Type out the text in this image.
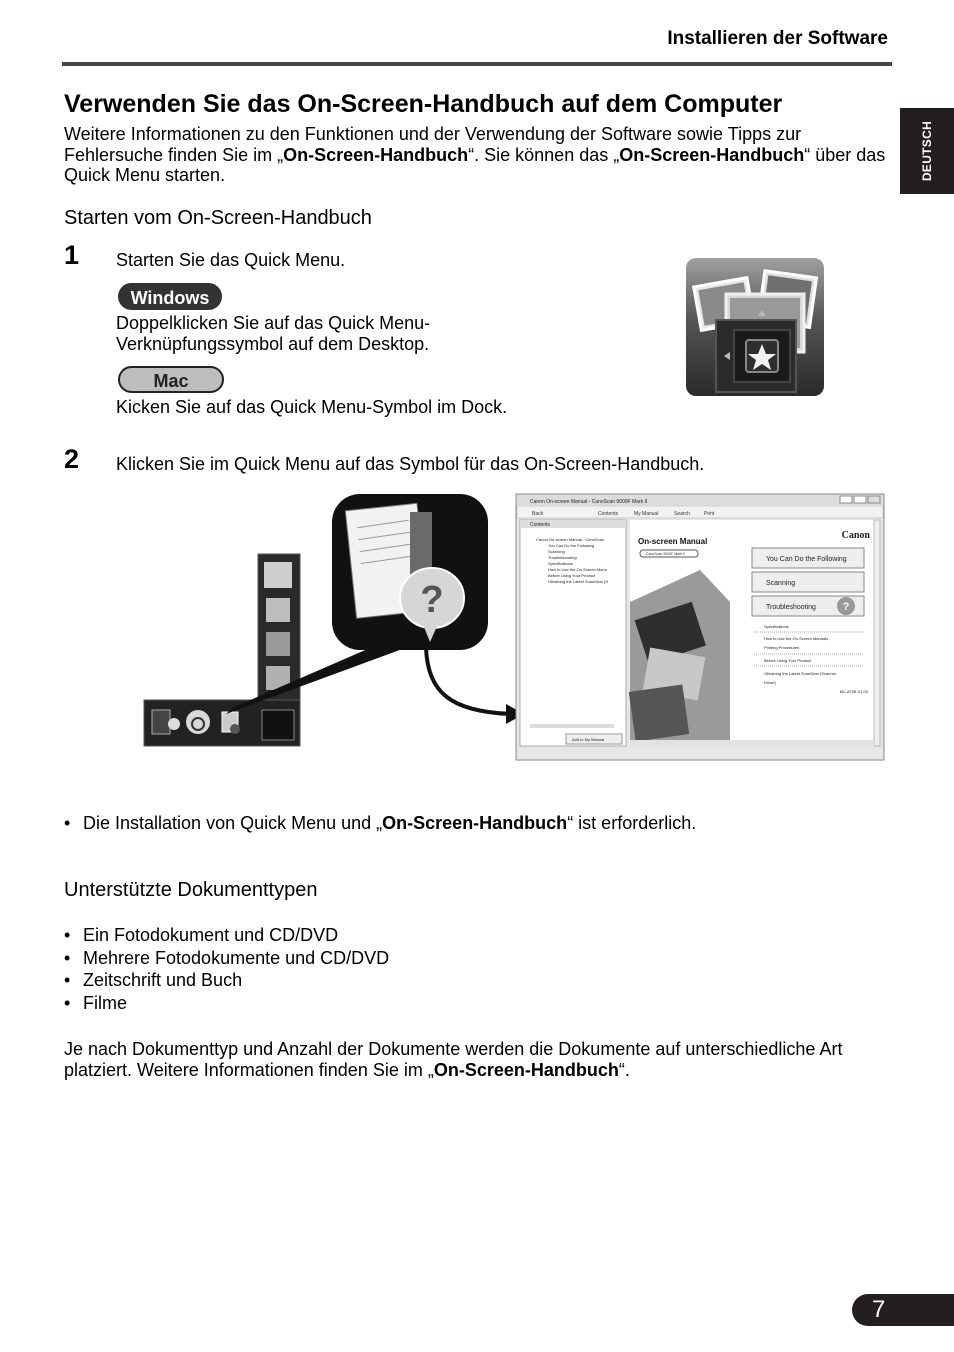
Installieren der Software
DEUTSCH
Verwenden Sie das On-Screen-Handbuch auf dem Computer
Weitere Informationen zu den Funktionen und der Verwendung der Software sowie Tipps zur Fehlersuche finden Sie im „On-Screen-Handbuch“. Sie können das „On-Screen-Handbuch“ über das Quick Menu starten.
Starten vom On-Screen-Handbuch
1 Starten Sie das Quick Menu.
Windows
Doppelklicken Sie auf das Quick Menu-
Verknüpfungssymbol auf dem Desktop.
Mac
Kicken Sie auf das Quick Menu-Symbol im Dock.
2 Klicken Sie im Quick Menu auf das Symbol für das On-Screen-Handbuch.
?
Canon On-screen Manual - CanoScan 9000F Mark II
Back	Contents	My Manual	Search	Print
Contents
Canon On-screen Manual - CanoScan
You Can Do the Following
Scanning
Troubleshooting
Specifications
How to Use the On-Screen Manu
Before Using Your Product
Obtaining the Latest ScanGear (S
Add to My Manual
On-screen Manual
CanoScan 9000F Mark II
Canon
You Can Do the Following
Scanning
Troubleshooting ?
Specifications
How to Use the On-Screen Manuals,
Printing Procedures
Before Using Your Product
Obtaining the Latest ScanGear (Scanner
Driver)
MC-8796-V1.00
• Die Installation von Quick Menu und „On-Screen-Handbuch“ ist erforderlich.
Unterstützte Dokumenttypen
• Ein Fotodokument und CD/DVD
• Mehrere Fotodokumente und CD/DVD
• Zeitschrift und Buch
• Filme
Je nach Dokumenttyp und Anzahl der Dokumente werden die Dokumente auf unterschiedliche Art platziert. Weitere Informationen finden Sie im „On-Screen-Handbuch“.
7
